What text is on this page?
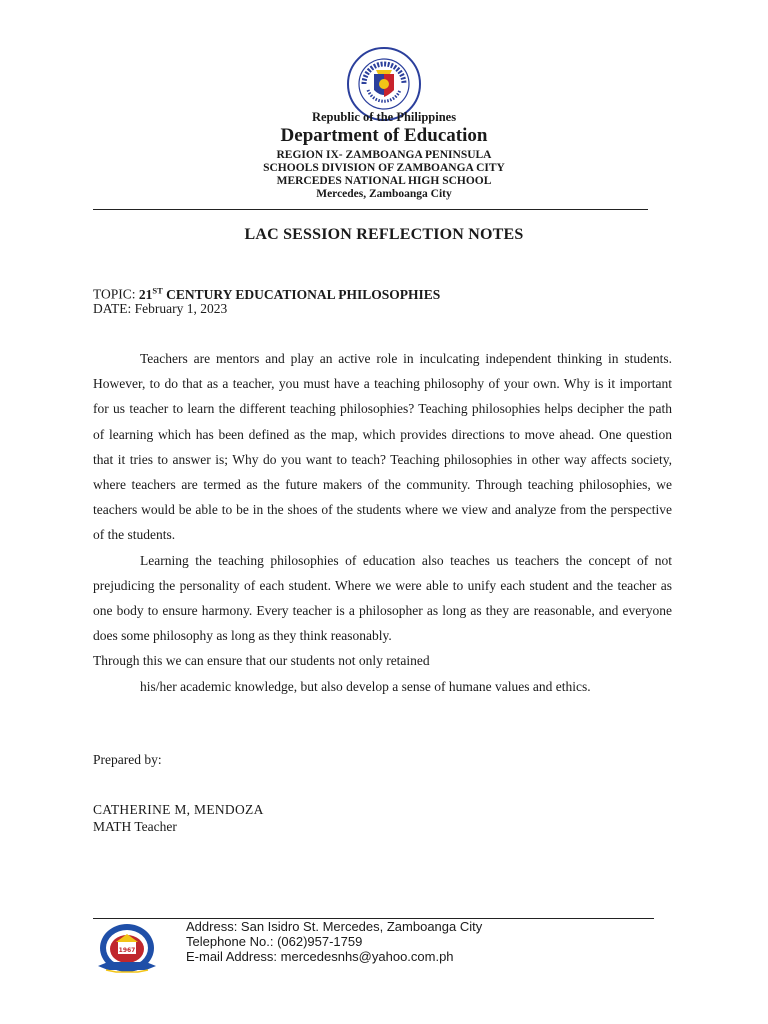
Republic of the Philippines
Department of Education
REGION IX- ZAMBOANGA PENINSULA
SCHOOLS DIVISION OF ZAMBOANGA CITY
MERCEDES NATIONAL HIGH SCHOOL
Mercedes, Zamboanga City
LAC SESSION REFLECTION NOTES
TOPIC: 21ST CENTURY EDUCATIONAL PHILOSOPHIES
DATE: February 1, 2023

Teachers are mentors and play an active role in inculcating independent thinking in students. However, to do that as a teacher, you must have a teaching philosophy of your own. Why is it important for us teacher to learn the different teaching philosophies? Teaching philosophies helps decipher the path of learning which has been defined as the map, which provides directions to move ahead. One question that it tries to answer is; Why do you want to teach? Teaching philosophies in other way affects society, where teachers are termed as the future makers of the community. Through teaching philosophies, we teachers would be able to be in the shoes of the students where we view and analyze from the perspective of the students.

Learning the teaching philosophies of education also teaches us teachers the concept of not prejudicing the personality of each student. Where we were able to unify each student and the teacher as one body to ensure harmony. Every teacher is a philosopher as long as they are reasonable, and everyone does some philosophy as long as they think reasonably.

Through this we can ensure that our students not only retained

his/her academic knowledge, but also develop a sense of humane values and ethics.

Prepared by:
CATHERINE M, MENDOZA
MATH Teacher
1967
Address: San Isidro St. Mercedes, Zamboanga City
Telephone No.: (062)957-1759
E-mail Address: mercedesnhs@yahoo.com.ph
